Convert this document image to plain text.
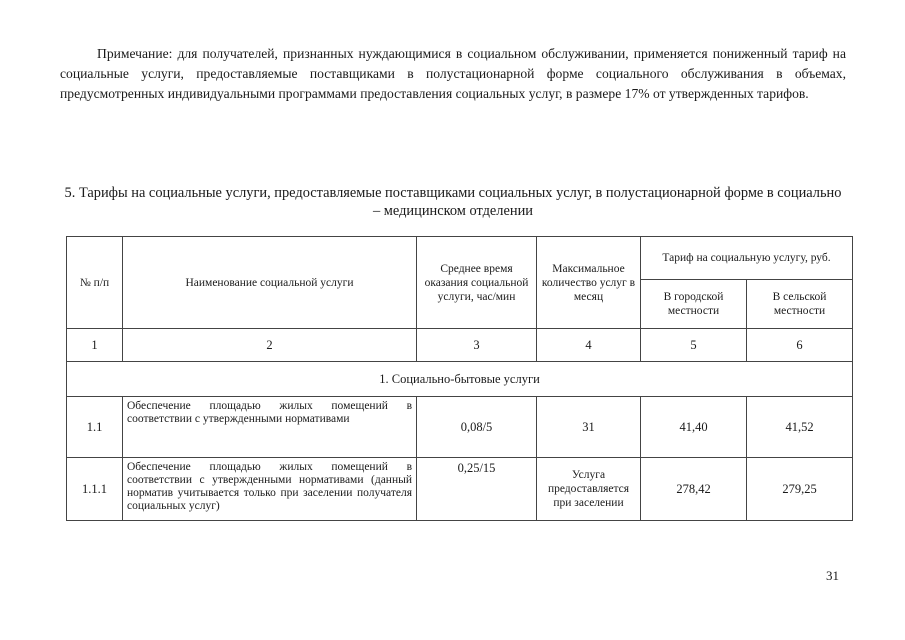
Примечание: для получателей, признанных нуждающимися в социальном обслуживании, применяется пониженный тариф на социальные услуги, предоставляемые поставщиками в полустационарной форме социального обслуживания в объемах, предусмотренных индивидуальными программами предоставления социальных услуг, в размере 17% от утвержденных тарифов.

5. Тарифы на социальные услуги, предоставляемые поставщиками социальных услуг, в полустационарной форме в социально – медицинском отделении

№ п/п	Наименование социальной услуги	Среднее время оказания социальной услуги, час/мин	Максимальное количество услуг в месяц	Тариф на социальную услугу, руб.	
				В городской местности	В сельской местности
1	2	3	4	5	6
1. Социально-бытовые услуги					
1.1	Обеспечение площадью жилых помещений в соответствии с утвержденными нормативами	0,08/5	31	41,40	41,52
1.1.1	Обеспечение площадью жилых помещений в соответствии с утвержденными нормативами (данный норматив учитывается только при заселении получателя социальных услуг)	0,25/15	Услуга предоставляется при заселении	278,42	279,25
31
